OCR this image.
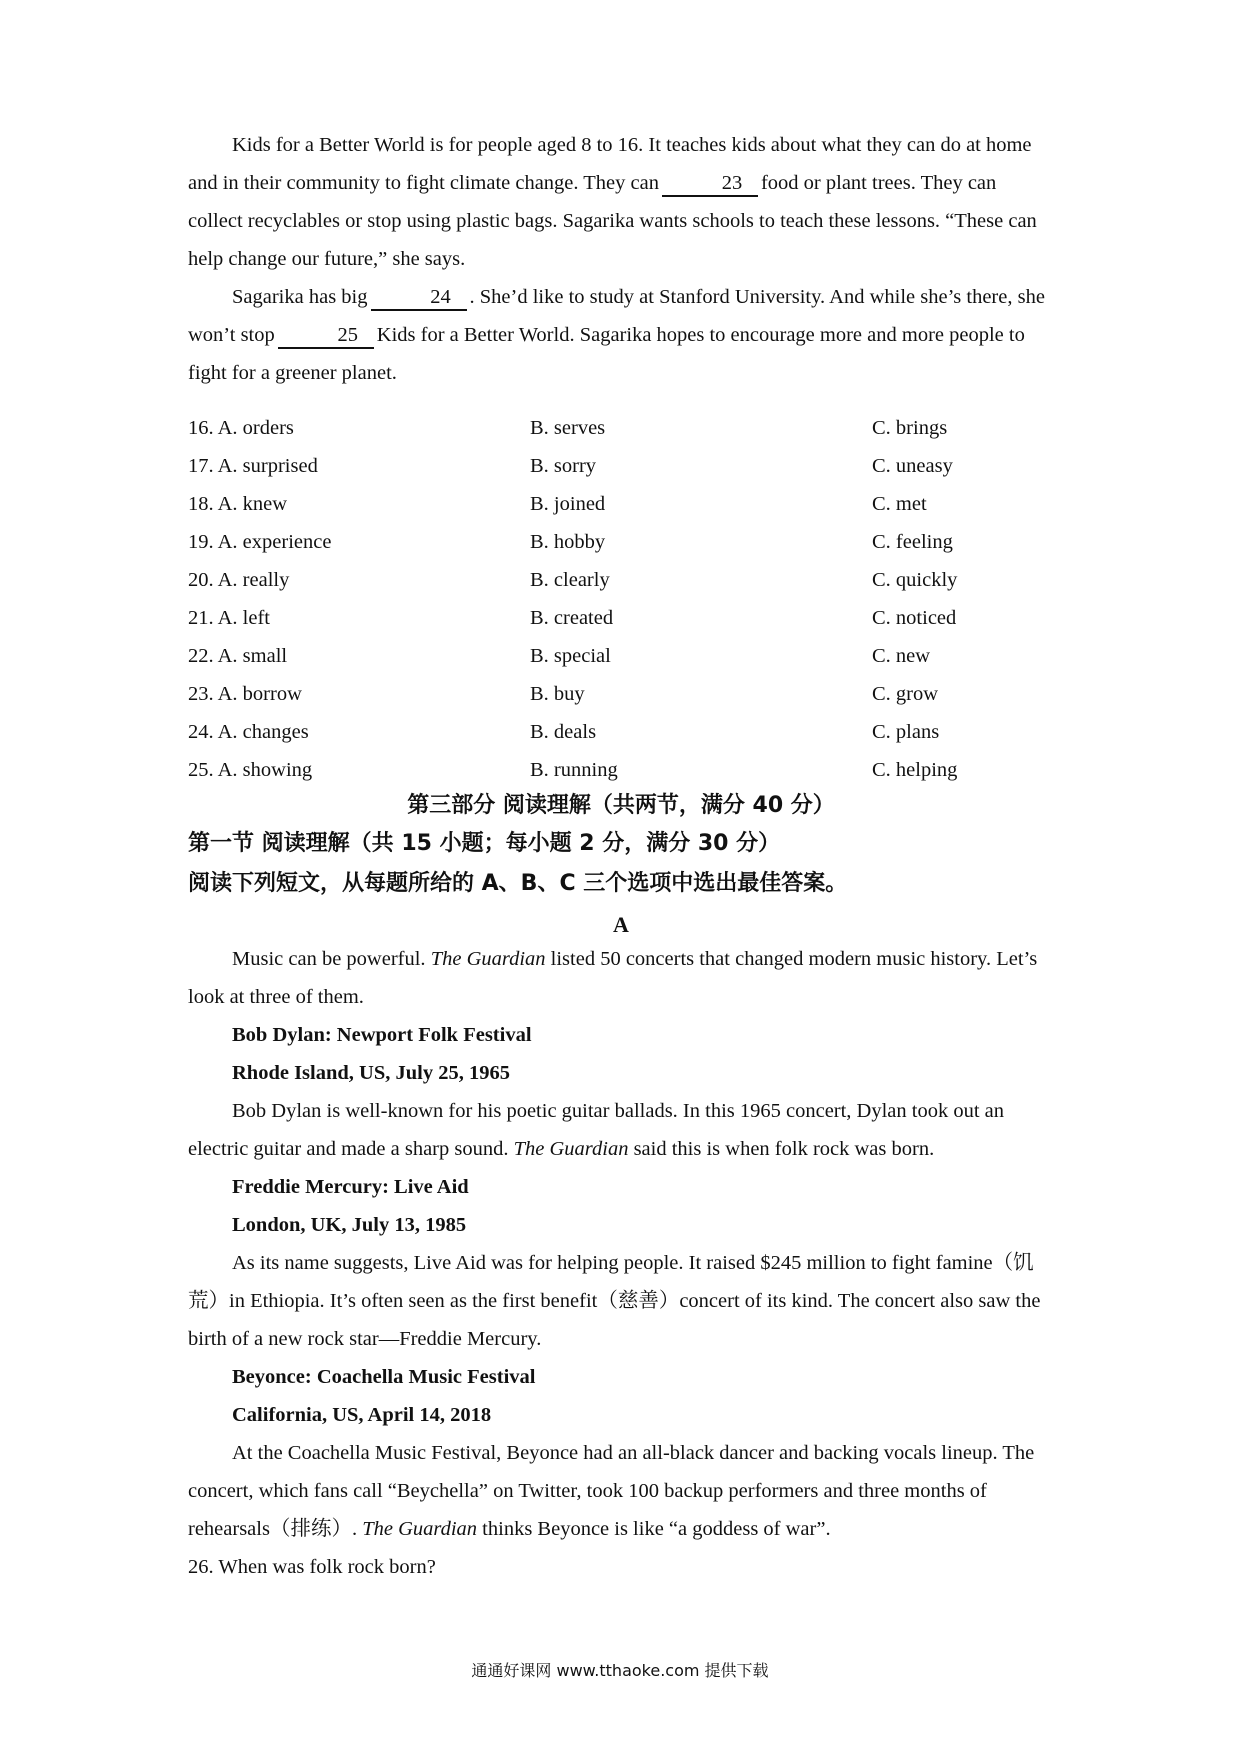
Kids for a Better World is for people aged 8 to 16. It teaches kids about what they can do at home and in their community to fight climate change. They can	23 food or plant trees. They can collect recyclables or stop using plastic bags. Sagarika wants schools to teach these lessons. “These can help change our future,” she says.

Sagarika has big	24 . She’d like to study at Stanford University. And while she’s there, she won’t stop	25 Kids for a Better World. Sagarika hopes to encourage more and more people to fight for a greener planet.

16. A. orders	B. serves	C. brings
17. A. surprised	B. sorry	C. uneasy
18. A. knew	B. joined	C. met
19. A. experience	B. hobby	C. feeling
20. A. really	B. clearly	C. quickly
21. A. left	B. created	C. noticed
22. A. small	B. special	C. new
23. A. borrow	B. buy	C. grow
24. A. changes	B. deals	C. plans
25. A. showing	B. running	C. helping
第三部分 阅读理解（共两节，满分 40 分）
第一节 阅读理解（共 15 小题；每小题 2 分，满分 30 分）
阅读下列短文，从每题所给的 A、B、C 三个选项中选出最佳答案。
A

Music can be powerful. The Guardian listed 50 concerts that changed modern music history. Let’s look at three of them.

Bob Dylan: Newport Folk Festival

Rhode Island, US, July 25, 1965

Bob Dylan is well-known for his poetic guitar ballads. In this 1965 concert, Dylan took out an electric guitar and made a sharp sound. The Guardian said this is when folk rock was born.

Freddie Mercury: Live Aid

London, UK, July 13, 1985

As its name suggests, Live Aid was for helping people. It raised $245 million to fight famine（饥荒）in Ethiopia. It’s often seen as the first benefit（慈善）concert of its kind. The concert also saw the birth of a new rock star—Freddie Mercury.

Beyonce: Coachella Music Festival

California, US, April 14, 2018

At the Coachella Music Festival, Beyonce had an all-black dancer and backing vocals lineup. The concert, which fans call “Beychella” on Twitter, took 100 backup performers and three months of rehearsals（排练）. The Guardian thinks Beyonce is like “a goddess of war”.

26. When was folk rock born?

通通好课网 www.tthaoke.com 提供下载
